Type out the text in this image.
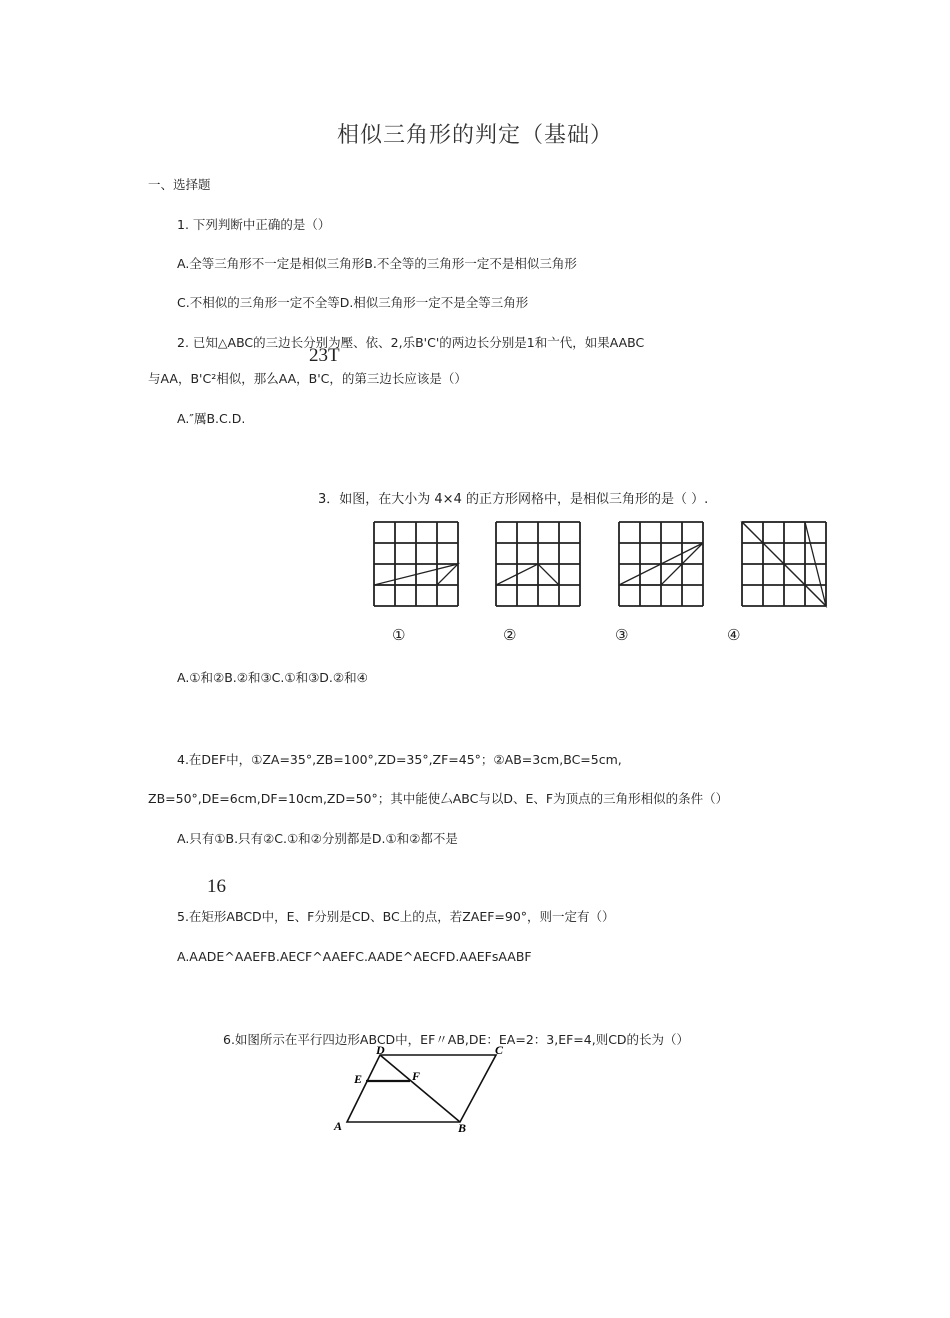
相似三角形的判定（基础）
一、选择题
1. 下列判断中正确的是（）
A.全等三角形不一定是相似三角形B.不全等的三角形一定不是相似三角形
C.不相似的三角形一定不全等D.相似三角形一定不是全等三角形
2. 已知△ABC的三边长分别为壓、依、2,乐B'C'的两边长分别是1和亠代，如果AABC
23T
与AA，B'C²相似，那么AA，B'C，的第三边长应该是（）
A.″厲B.C.D.
3．如图，在大小为 4×4 的正方形网格中，是相似三角形的是（ ）.
①	②	③	④
A.①和②B.②和③C.①和③D.②和④
4.在DEF中，①ZA=35°,ZB=100°,ZD=35°,ZF=45°；②AB=3cm,BC=5cm,
ZB=50°,DE=6cm,DF=10cm,ZD=50°；其中能使厶ABC与以D、E、F为顶点的三角形相似的条件（）
A.只有①B.只有②C.①和②分别都是D.①和②都不是
16
5.在矩形ABCD中，E、F分别是CD、BC上的点，若ZAEF=90°，则一定有（）
A.AADE^AAEFB.AECF^AAEFC.AADE^AECFD.AAEFsAABF
6.如图所示在平行四边形ABCD中，EF〃AB,DE：EA=2：3,EF=4,则CD的长为（）
A	B
C
D
E	F
